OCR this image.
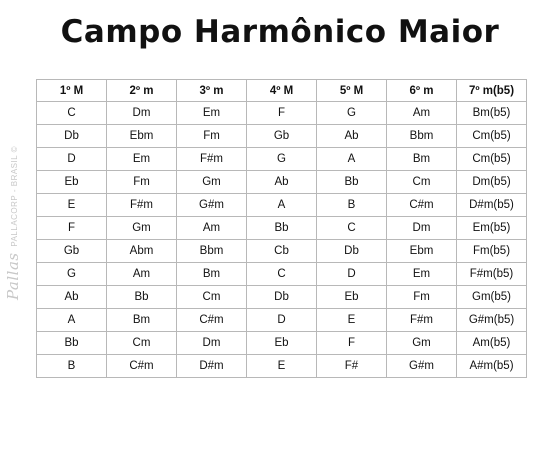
Campo Harmônico Maior
Pallas PALLACORP - BRASIL ©
1º M	2º m	3º m	4º M	5º M	6º m	7º m(b5)
C	Dm	Em	F	G	Am	Bm(b5)
Db	Ebm	Fm	Gb	Ab	Bbm	Cm(b5)
D	Em	F#m	G	A	Bm	Cm(b5)
Eb	Fm	Gm	Ab	Bb	Cm	Dm(b5)
E	F#m	G#m	A	B	C#m	D#m(b5)
F	Gm	Am	Bb	C	Dm	Em(b5)
Gb	Abm	Bbm	Cb	Db	Ebm	Fm(b5)
G	Am	Bm	C	D	Em	F#m(b5)
Ab	Bb	Cm	Db	Eb	Fm	Gm(b5)
A	Bm	C#m	D	E	F#m	G#m(b5)
Bb	Cm	Dm	Eb	F	Gm	Am(b5)
B	C#m	D#m	E	F#	G#m	A#m(b5)
